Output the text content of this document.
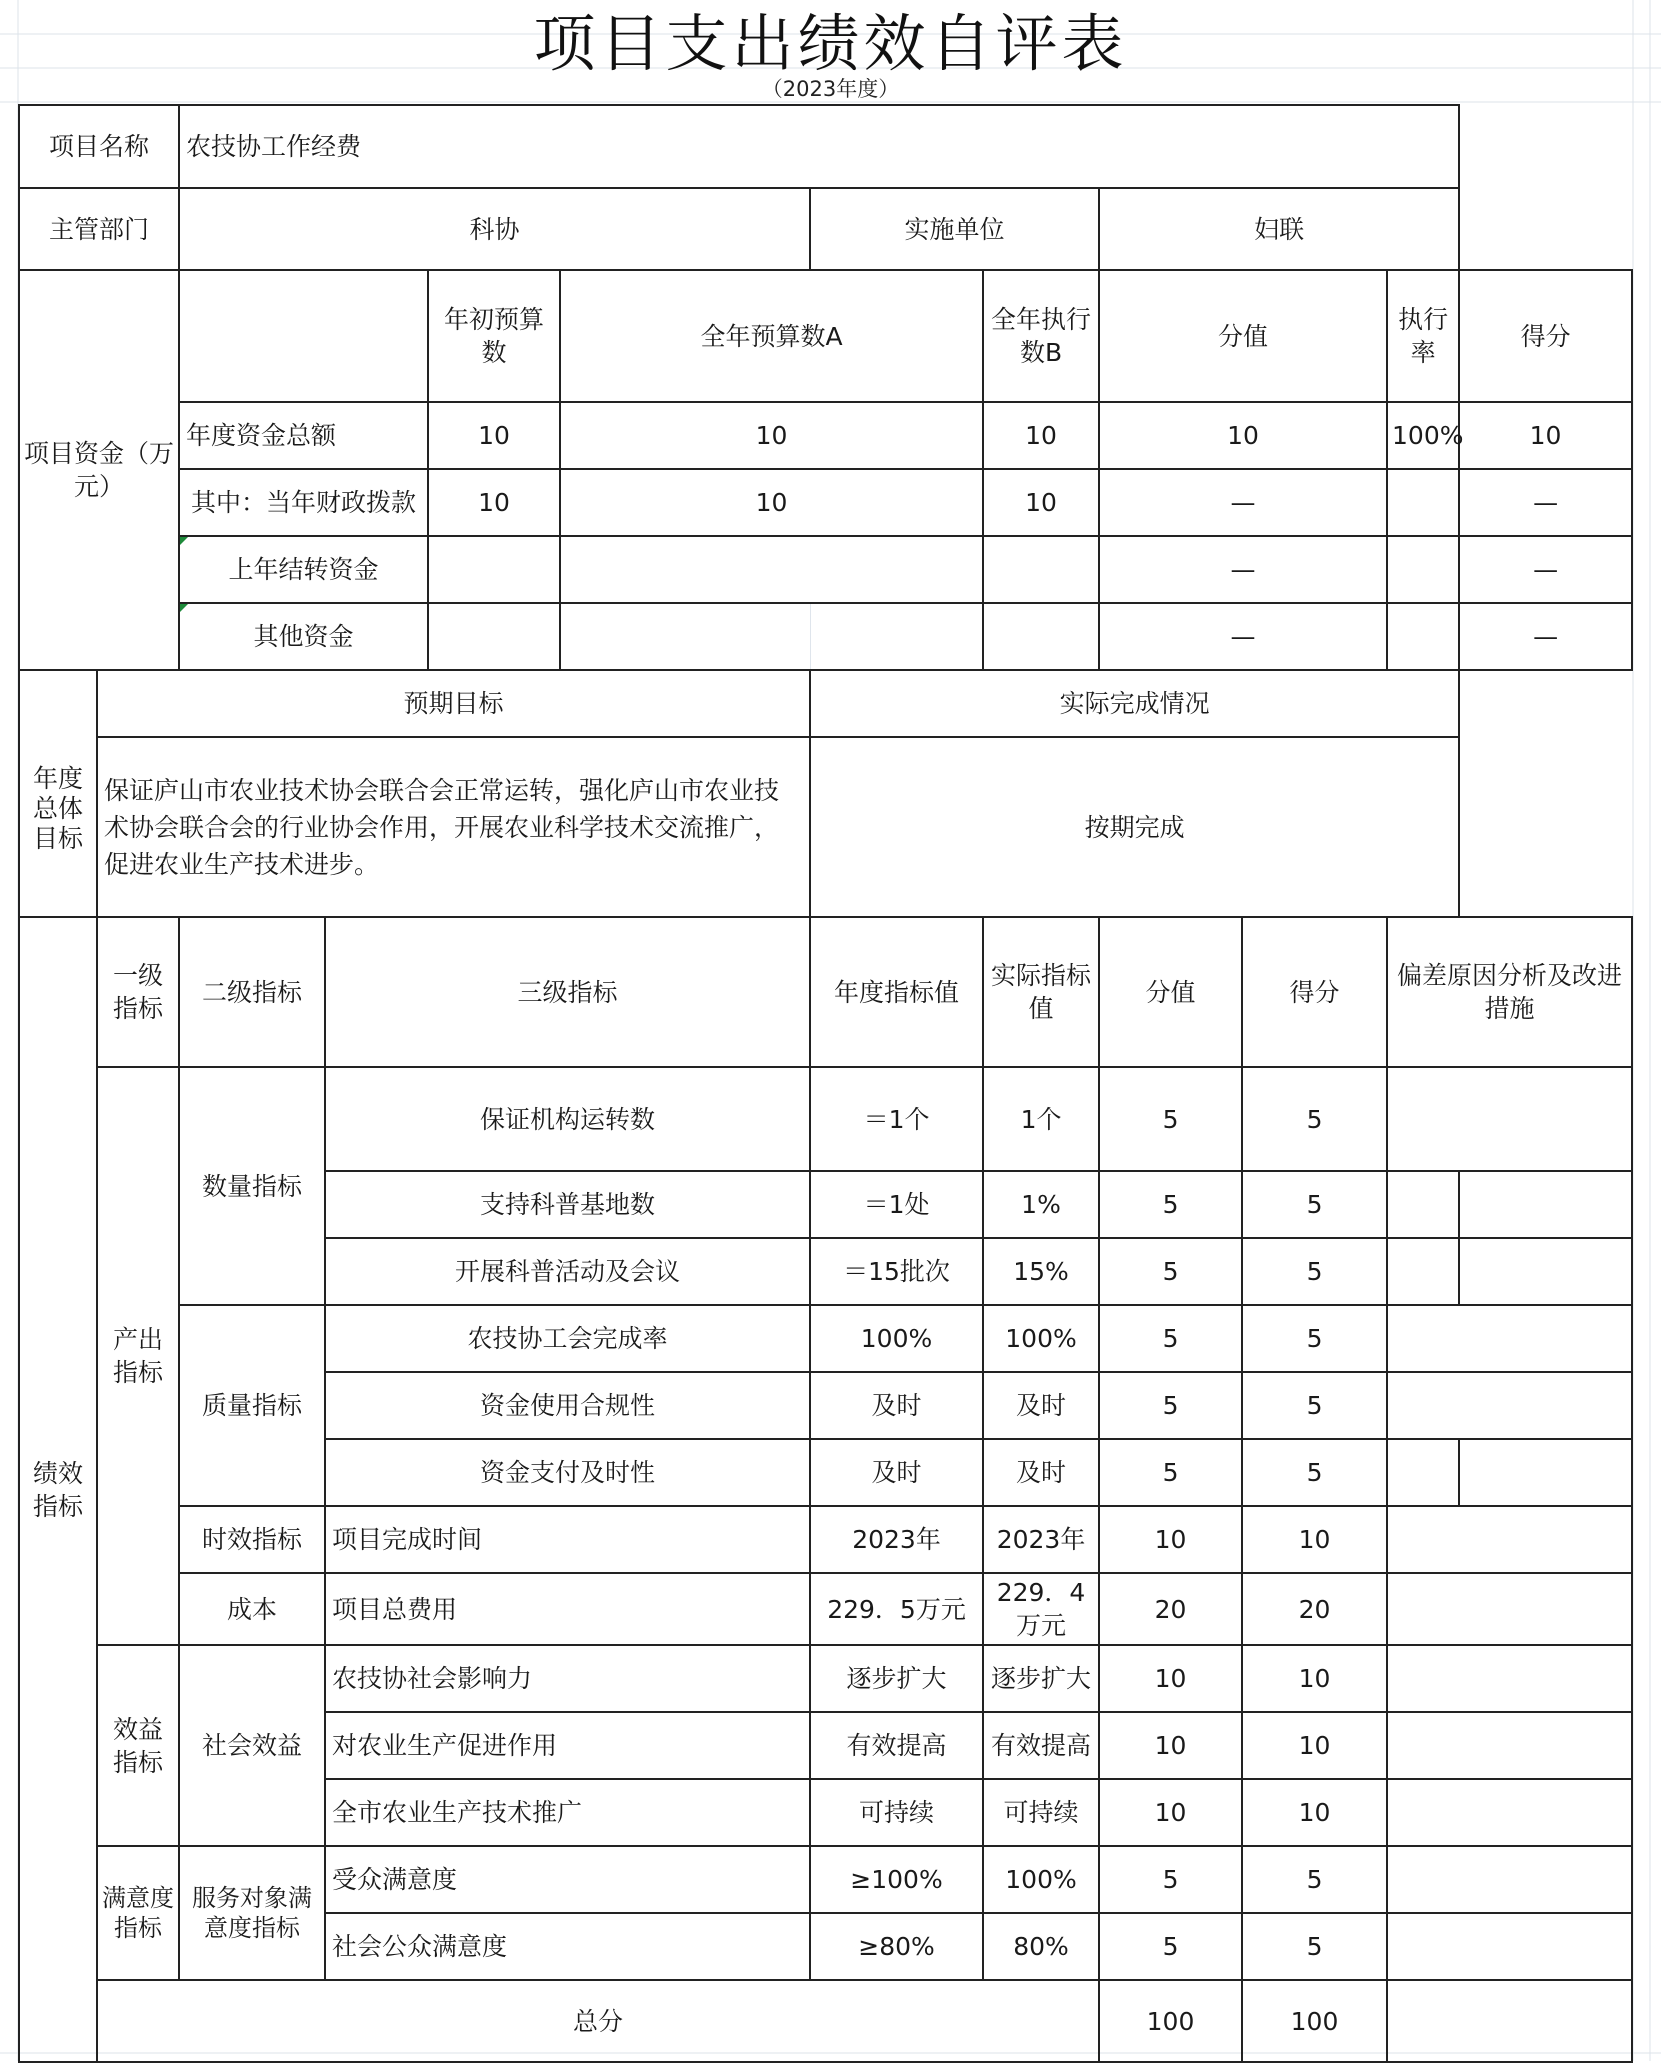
项目支出绩效自评表
（2023年度）
项目名称		农技协工作经费									
主管部门		科协				实施单位		妇联			
项目资金（万元）				年初预算数	全年预算数A		全年执行数B	分值		执行率	得分
		年度资金总额		10	10		10	10		100%	10

		其中：当年财政拨款		10	10		10	—			—

		上年结转资金						—			—
		其他资金						—			—

年度总体目标	预期目标					实际完成情况					
	保证庐山市农业技术协会联合会正常运转，强化庐山市农业技术协会联合会的行业协会作用，开展农业科学技术交流推广，促进农业生产技术进步。					按期完成					
绩效指标	一级指标	二级指标	三级指标			年度指标值	实际指标值	分值	得分	偏差原因分析及改进措施	
	产出指标	数量指标	保证机构运转数			＝1个	1个	5	5		
			支持科普基地数			＝1处	1%	5	5		
			开展科普活动及会议			＝15批次	15%	5	5		
		质量指标	农技协工会完成率			100%	100%	5	5		
			资金使用合规性			及时	及时	5	5		
			资金支付及时性			及时	及时	5	5		
		时效指标	项目完成时间			2023年	2023年	10	10		
		成本	项目总费用			229．5万元	229．4万元	20	20		
	效益指标	社会效益	农技协社会影响力			逐步扩大	逐步扩大	10	10		
			对农业生产促进作用			有效提高	有效提高	10	10		
			全市农业生产技术推广			可持续	可持续	10	10		
	满意度指标	服务对象满意度指标	受众满意度			≥100%	100%	5	5		
			社会公众满意度			≥80%	80%	5	5		
	总分							100	100		
